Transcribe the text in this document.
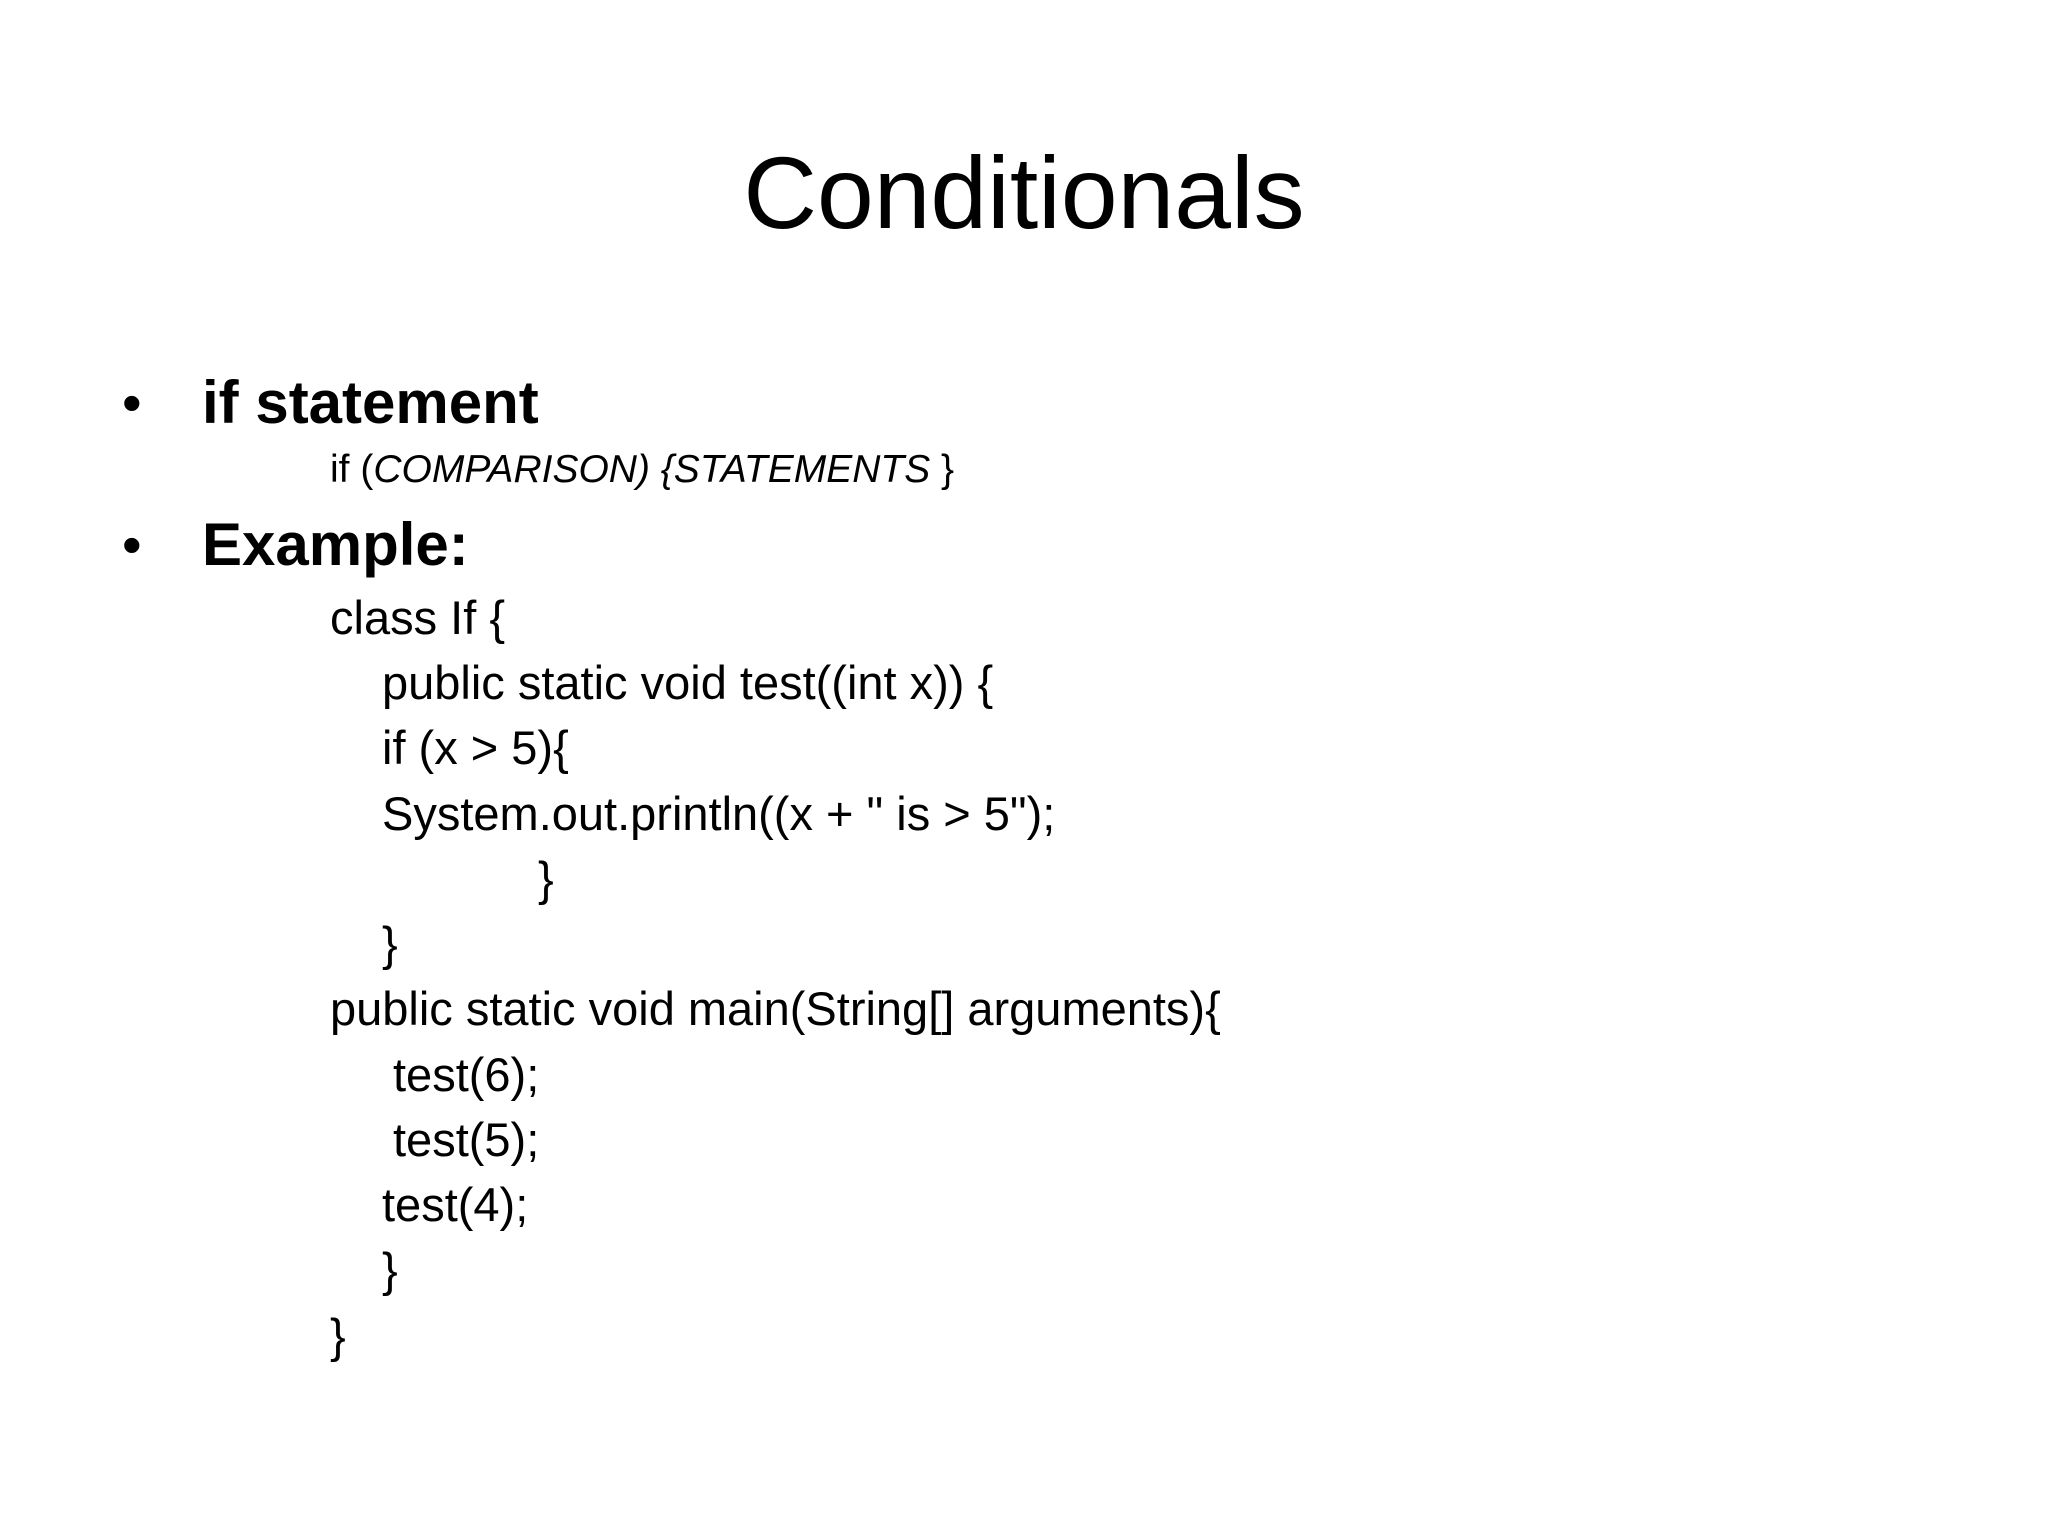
Conditionals
•	if statement
if (COMPARISON) {STATEMENTS }
•	Example:
class If {
public static void test((int x)) {
if (x > 5){
System.out.println((x + " is > 5");
}
}
public static void main(String[] arguments){
test(6);
test(5);
test(4);
}
}
